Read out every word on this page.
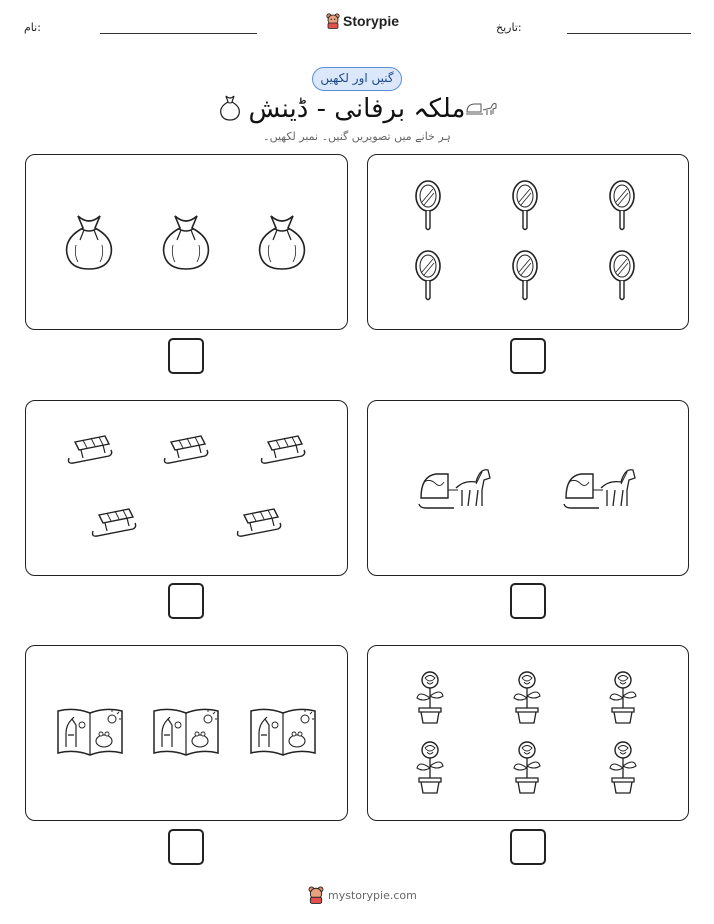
نام:	Storypie	تاریخ:
گنیں اور لکھیں
ملکہ برفانی - ڈینش
ہر خانے میں تصویریں گنیں۔ نمبر لکھیں۔
mystorypie.com
